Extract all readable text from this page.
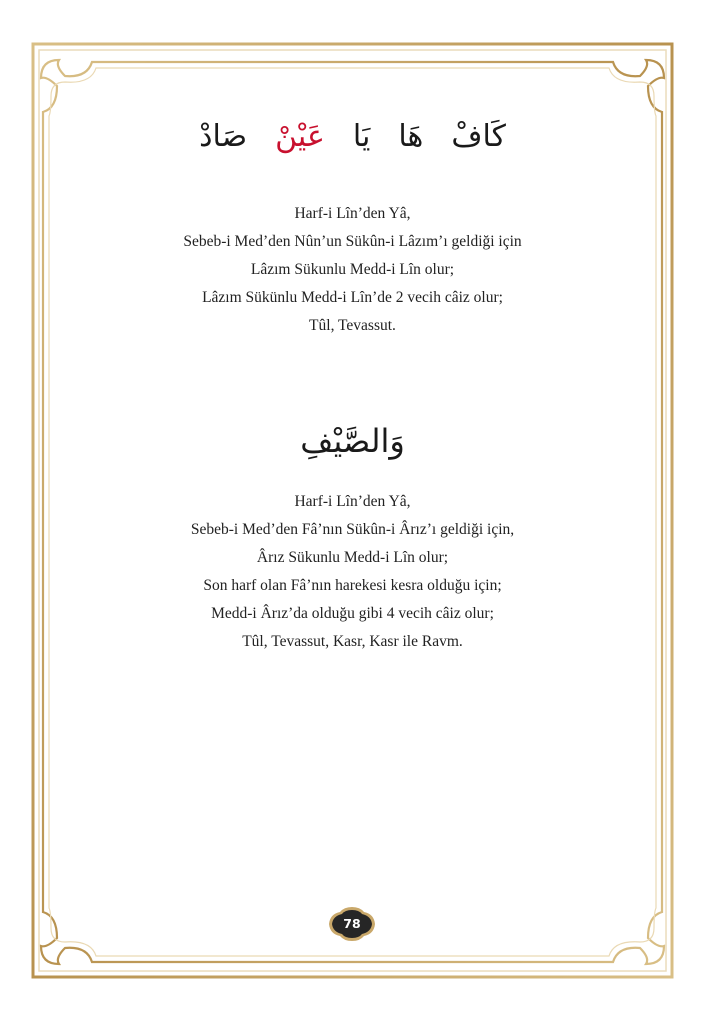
كَافْهَايَاعَيْنْصَادْ

Harf-i Lîn’den Yâ,

Sebeb-i Med’den Nûn’un Sükûn-i Lâzım’ı geldiği için

Lâzım Sükunlu Medd-i Lîn olur;

Lâzım Sükünlu Medd-i Lîn’de 2 vecih câiz olur;

Tûl, Tevassut.

وَالصَّيْفِ

Harf-i Lîn’den Yâ,

Sebeb-i Med’den Fâ’nın Sükûn-i Ârız’ı geldiği için,

Ârız Sükunlu Medd-i Lîn olur;

Son harf olan Fâ’nın harekesi kesra olduğu için;

Medd-i Ârız’da olduğu gibi 4 vecih câiz olur;

Tûl, Tevassut, Kasr, Kasr ile Ravm.

78
